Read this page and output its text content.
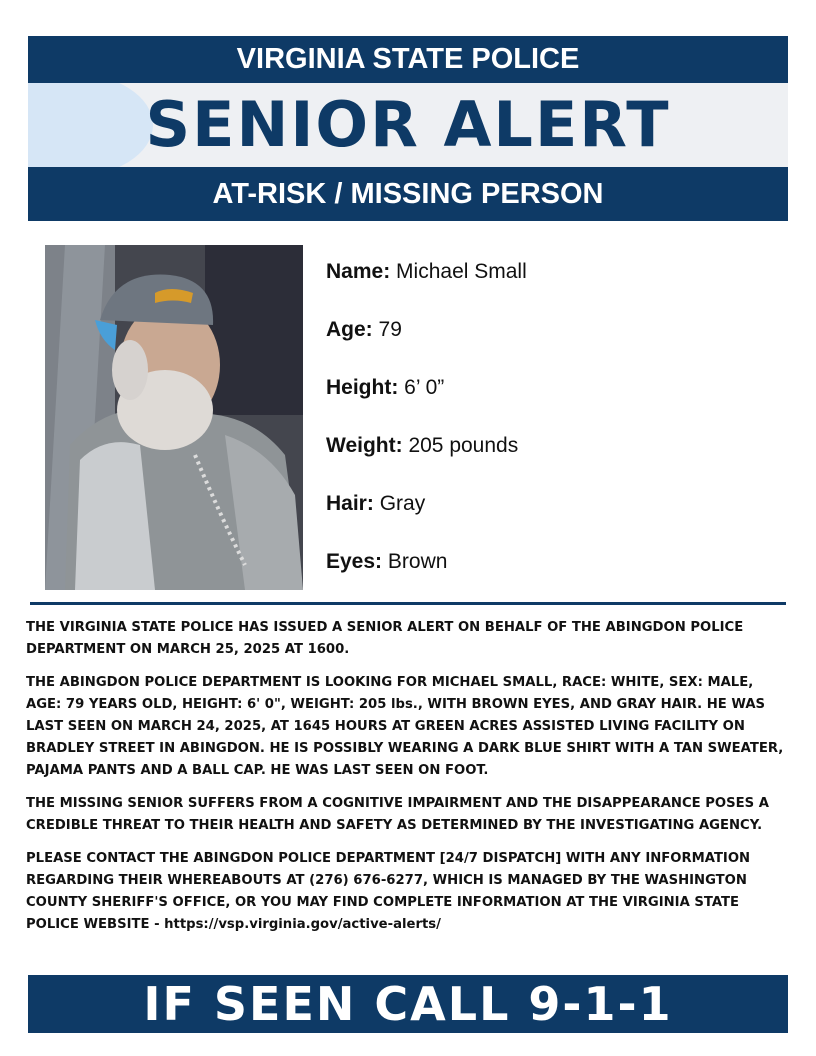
VIRGINIA STATE POLICE
SENIOR ALERT
AT-RISK / MISSING PERSON
Name: Michael Small
Age: 79
Height: 6’ 0”
Weight: 205 pounds
Hair: Gray
Eyes: Brown

THE VIRGINIA STATE POLICE HAS ISSUED A SENIOR ALERT ON BEHALF OF THE ABINGDON POLICE DEPARTMENT ON MARCH 25, 2025 AT 1600.

THE ABINGDON POLICE DEPARTMENT IS LOOKING FOR MICHAEL SMALL, RACE: WHITE, SEX: MALE, AGE: 79 YEARS OLD, HEIGHT: 6' 0", WEIGHT: 205 lbs., WITH BROWN EYES, AND GRAY HAIR. HE WAS LAST SEEN ON MARCH 24, 2025, AT 1645 HOURS AT GREEN ACRES ASSISTED LIVING FACILITY ON BRADLEY STREET IN ABINGDON. HE IS POSSIBLY WEARING A DARK BLUE SHIRT WITH A TAN SWEATER, PAJAMA PANTS AND A BALL CAP. HE WAS LAST SEEN ON FOOT.

THE MISSING SENIOR SUFFERS FROM A COGNITIVE IMPAIRMENT AND THE DISAPPEARANCE POSES A CREDIBLE THREAT TO THEIR HEALTH AND SAFETY AS DETERMINED BY THE INVESTIGATING AGENCY.

PLEASE CONTACT THE ABINGDON POLICE DEPARTMENT [24/7 DISPATCH] WITH ANY INFORMATION REGARDING THEIR WHEREABOUTS AT (276) 676-6277, WHICH IS MANAGED BY THE WASHINGTON COUNTY SHERIFF'S OFFICE, OR YOU MAY FIND COMPLETE INFORMATION AT THE VIRGINIA STATE POLICE WEBSITE - https://vsp.virginia.gov/active-alerts/

IF SEEN CALL 9-1-1
